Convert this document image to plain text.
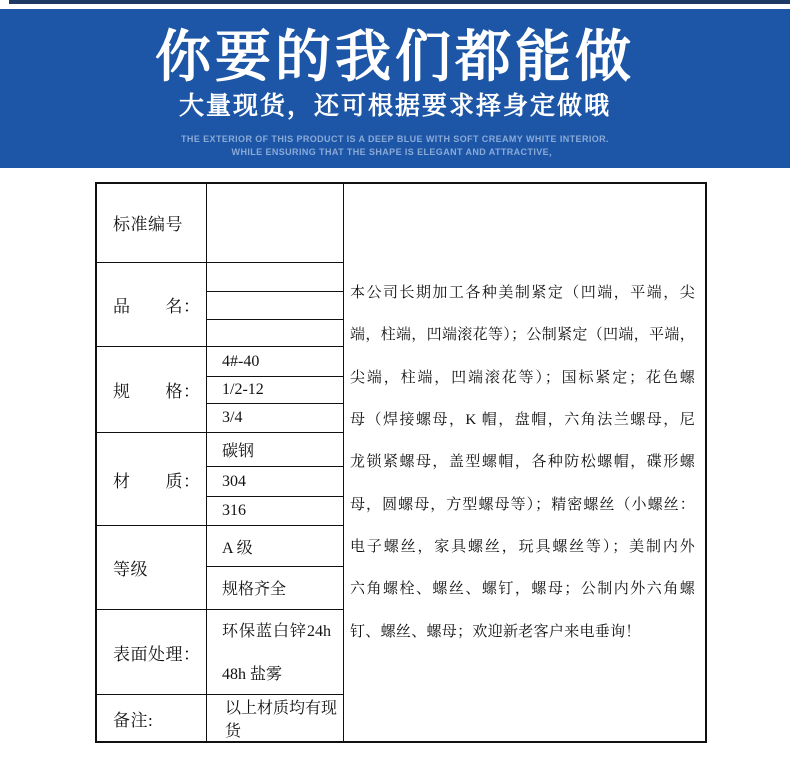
你要的我们都能做
大量现货，还可根据要求择身定做哦
THE EXTERIOR OF THIS PRODUCT IS A DEEP BLUE WITH SOFT CREAMY WHITE INTERIOR.
WHILE ENSURING THAT THE SHAPE IS ELEGANT AND ATTRACTIVE，
标准编号
品　　名：
规　　格：
4#-40
1/2-12
3/4
材　　质：
碳钢
304
316
等级
A 级
规格齐全
表面处理：
环保蓝白锌24h
48h 盐雾
备注:
以上材质均有现货
本公司长期加工各种美制紧定（凹端，平端，尖
端，柱端，凹端滚花等）；公制紧定（凹端，平端，
尖端，柱端，凹端滚花等）；国标紧定；花色螺
母（焊接螺母，K 帽，盘帽，六角法兰螺母，尼
龙锁紧螺母，盖型螺帽，各种防松螺帽，碟形螺
母，圆螺母，方型螺母等）；精密螺丝（小螺丝：
电子螺丝，家具螺丝，玩具螺丝等）；美制内外
六角螺栓、螺丝、螺钉，螺母；公制内外六角螺
钉、螺丝、螺母；欢迎新老客户来电垂询！
